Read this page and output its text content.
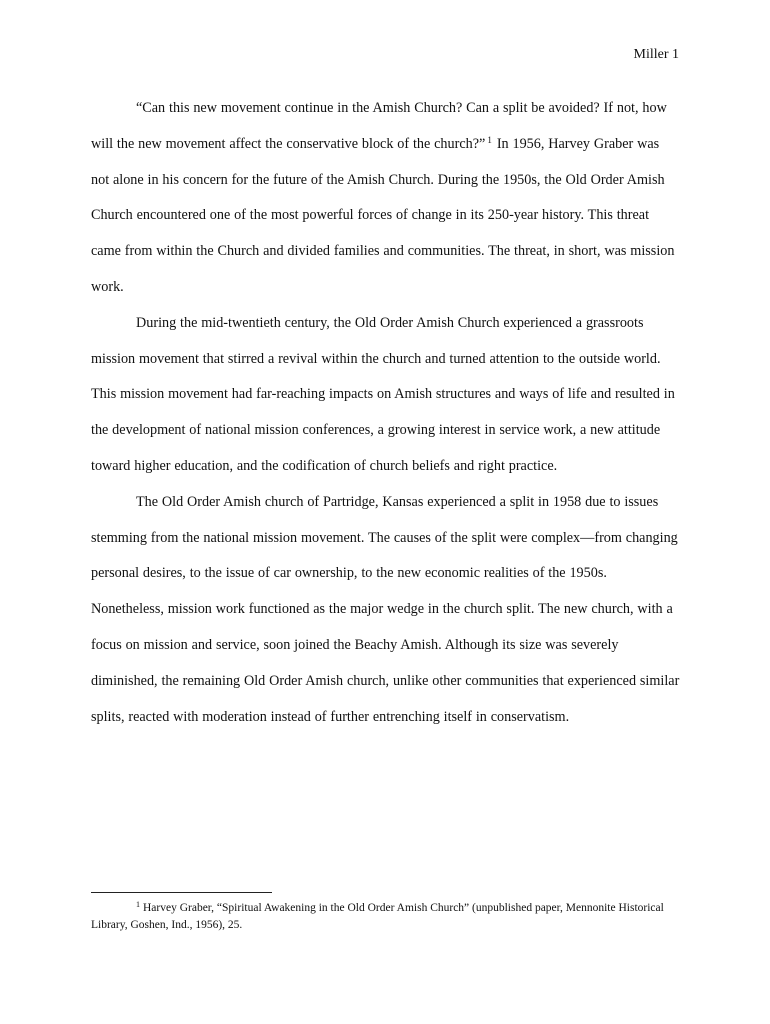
Miller 1

“Can this new movement continue in the Amish Church? Can a split be avoided? If not, how will the new movement affect the conservative block of the church?” $^1$ In 1956, Harvey Graber was not alone in his concern for the future of the Amish Church. During the 1950s, the Old Order Amish Church encountered one of the most powerful forces of change in its 250-year history. This threat came from within the Church and divided families and communities. The threat, in short, was mission work.

During the mid-twentieth century, the Old Order Amish Church experienced a grassroots mission movement that stirred a revival within the church and turned attention to the outside world. This mission movement had far-reaching impacts on Amish structures and ways of life and resulted in the development of national mission conferences, a growing interest in service work, a new attitude toward higher education, and the codification of church beliefs and right practice.

The Old Order Amish church of Partridge, Kansas experienced a split in 1958 due to issues stemming from the national mission movement. The causes of the split were complex—from changing personal desires, to the issue of car ownership, to the new economic realities of the 1950s. Nonetheless, mission work functioned as the major wedge in the church split. The new church, with a focus on mission and service, soon joined the Beachy Amish. Although its size was severely diminished, the remaining Old Order Amish church, unlike other communities that experienced similar splits, reacted with moderation instead of further entrenching itself in conservatism.

$^1$ Harvey Graber, “Spiritual Awakening in the Old Order Amish Church” (unpublished paper, Mennonite Historical Library, Goshen, Ind., 1956), 25.
